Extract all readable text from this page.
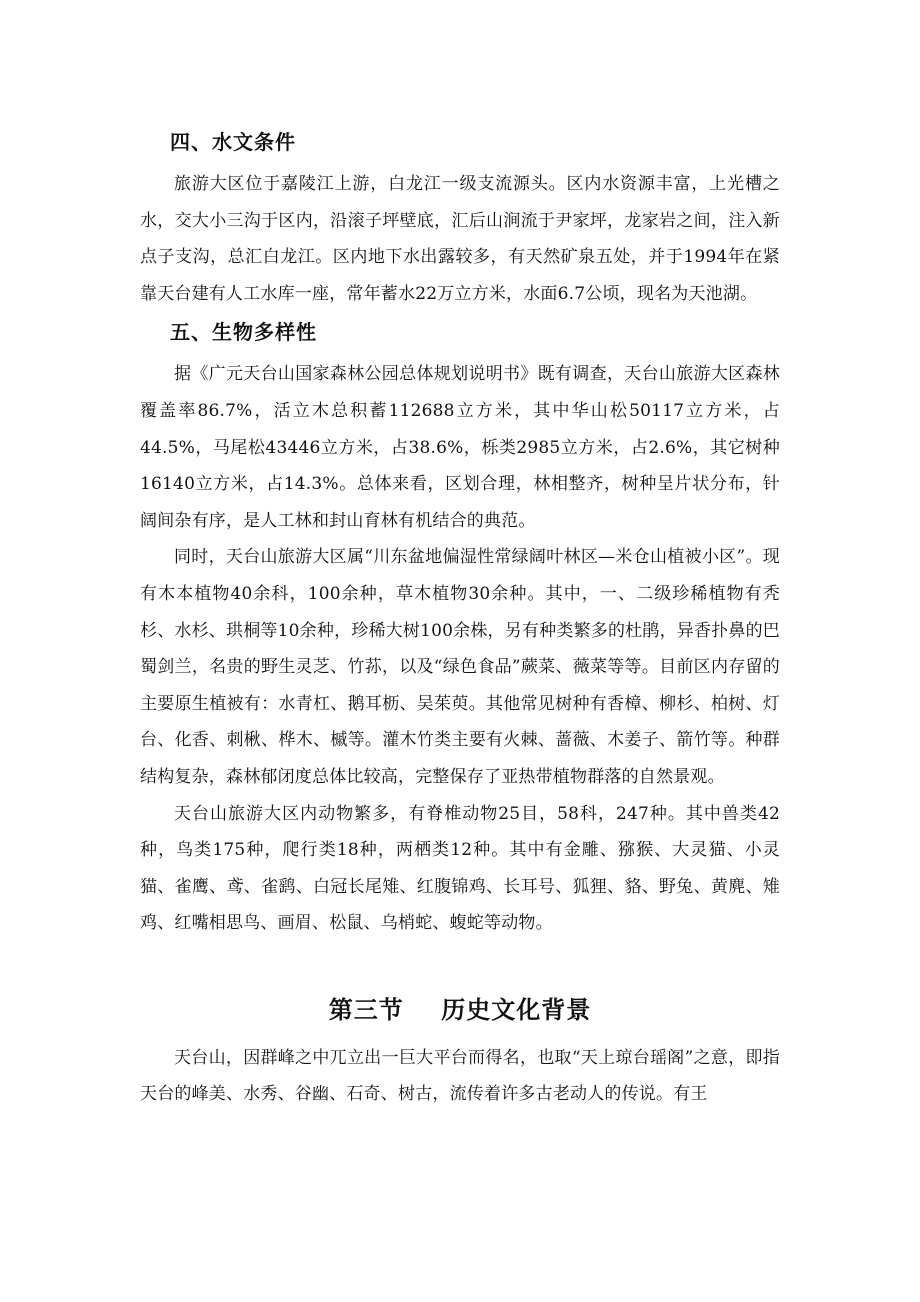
四、水文条件

旅游大区位于嘉陵江上游，白龙江一级支流源头。区内水资源丰富，上光槽之水，交大小三沟于区内，沿滚子坪壁底，汇后山涧流于尹家坪，龙家岩之间，注入新点子支沟，总汇白龙江。区内地下水出露较多，有天然矿泉五处，并于1994年在紧靠天台建有人工水库一座，常年蓄水22万立方米，水面6.7公顷，现名为天池湖。

五、生物多样性

据《广元天台山国家森林公园总体规划说明书》既有调查，天台山旅游大区森林覆盖率86.7%，活立木总积蓄112688立方米，其中华山松50117立方米，占44.5%，马尾松43446立方米，占38.6%，栎类2985立方米，占2.6%，其它树种16140立方米，占14.3%。总体来看，区划合理，林相整齐，树种呈片状分布，针阔间杂有序，是人工林和封山育林有机结合的典范。

同时，天台山旅游大区属“川东盆地偏湿性常绿阔叶林区—米仓山植被小区”。现有木本植物40余科，100余种，草木植物30余种。其中，一、二级珍稀植物有秃杉、水杉、珙桐等10余种，珍稀大树100余株，另有种类繁多的杜鹃，异香扑鼻的巴蜀剑兰，名贵的野生灵芝、竹荪，以及“绿色食品”蕨菜、薇菜等等。目前区内存留的主要原生植被有：水青杠、鹅耳枥、吴茱萸。其他常见树种有香樟、柳杉、柏树、灯台、化香、刺楸、桦木、槭等。灌木竹类主要有火棘、蔷薇、木姜子、箭竹等。种群结构复杂，森林郁闭度总体比较高，完整保存了亚热带植物群落的自然景观。

天台山旅游大区内动物繁多，有脊椎动物25目，58科，247种。其中兽类42种，鸟类175种，爬行类18种，两栖类12种。其中有金雕、猕猴、大灵猫、小灵猫、雀鹰、鸢、雀鹞、白冠长尾雉、红腹锦鸡、长耳号、狐狸、貉、野兔、黄麂、雉鸡、红嘴相思鸟、画眉、松鼠、乌梢蛇、蝮蛇等动物。

第三节    历史文化背景

天台山，因群峰之中兀立出一巨大平台而得名，也取“天上琼台瑶阁”之意，即指天台的峰美、水秀、谷幽、石奇、树古，流传着许多古老动人的传说。有王
